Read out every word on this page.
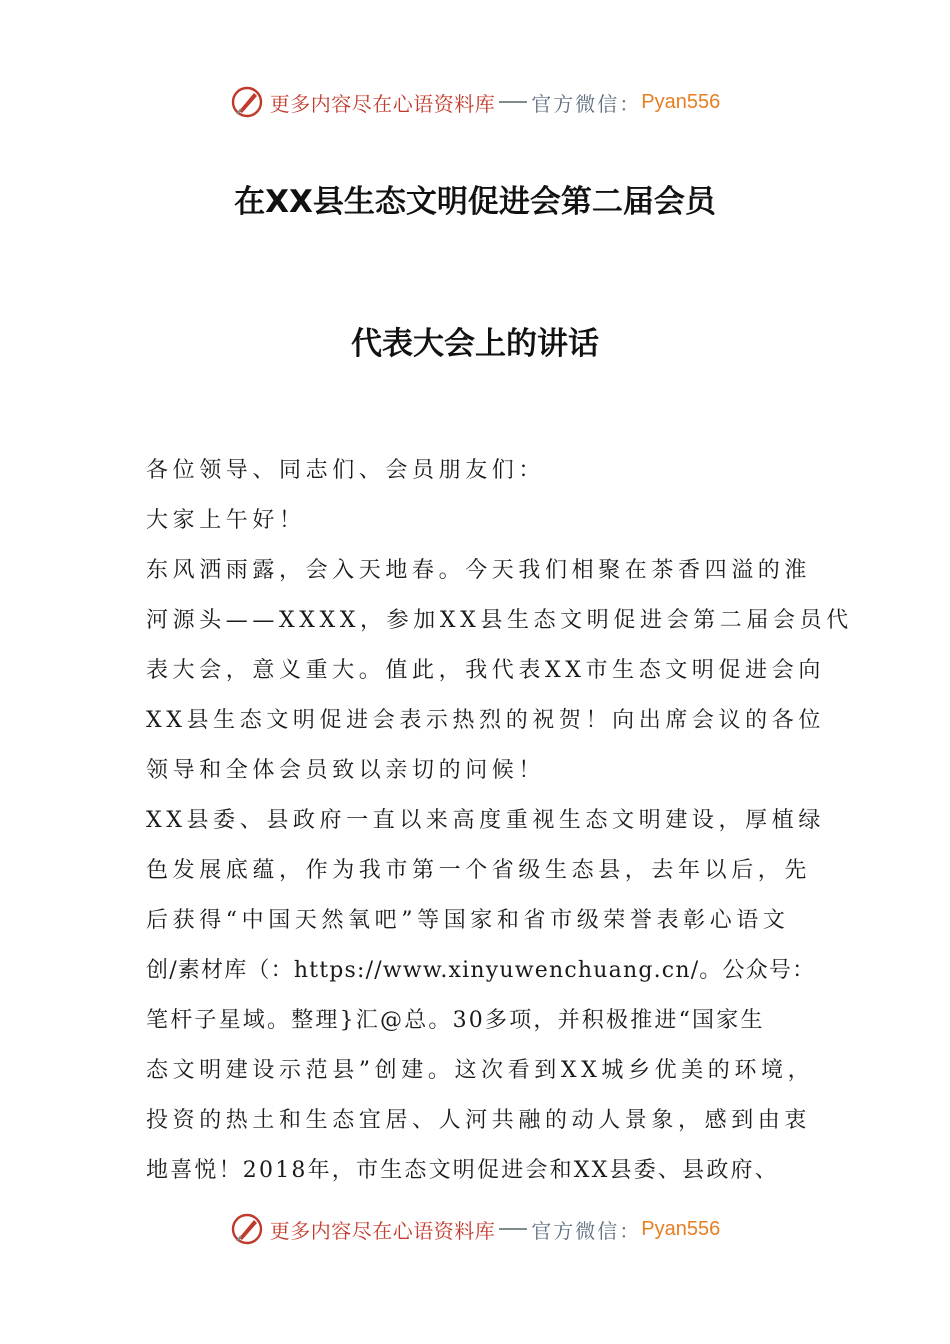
更多内容尽在心语资料库 官方微信： Pyan556
在XX县生态文明促进会第二届会员
代表大会上的讲话
各位领导、同志们、会员朋友们：
大家上午好！
东风洒雨露，会入天地春。今天我们相聚在茶香四溢的淮
河源头——XXXX，参加XX县生态文明促进会第二届会员代
表大会，意义重大。值此，我代表XX市生态文明促进会向
XX县生态文明促进会表示热烈的祝贺！向出席会议的各位
领导和全体会员致以亲切的问候！
XX县委、县政府一直以来高度重视生态文明建设，厚植绿
色发展底蕴，作为我市第一个省级生态县，去年以后，先
后获得“中国天然氧吧”等国家和省市级荣誉表彰心语文
创/素材库（：https://www.xinyuwenchuang.cn/。公众号：
笔杆子星域。整理}汇@总。30多项，并积极推进“国家生
态文明建设示范县”创建。这次看到XX城乡优美的环境，
投资的热土和生态宜居、人河共融的动人景象，感到由衷
地喜悦！2018年，市生态文明促进会和XX县委、县政府、
更多内容尽在心语资料库 官方微信： Pyan556
